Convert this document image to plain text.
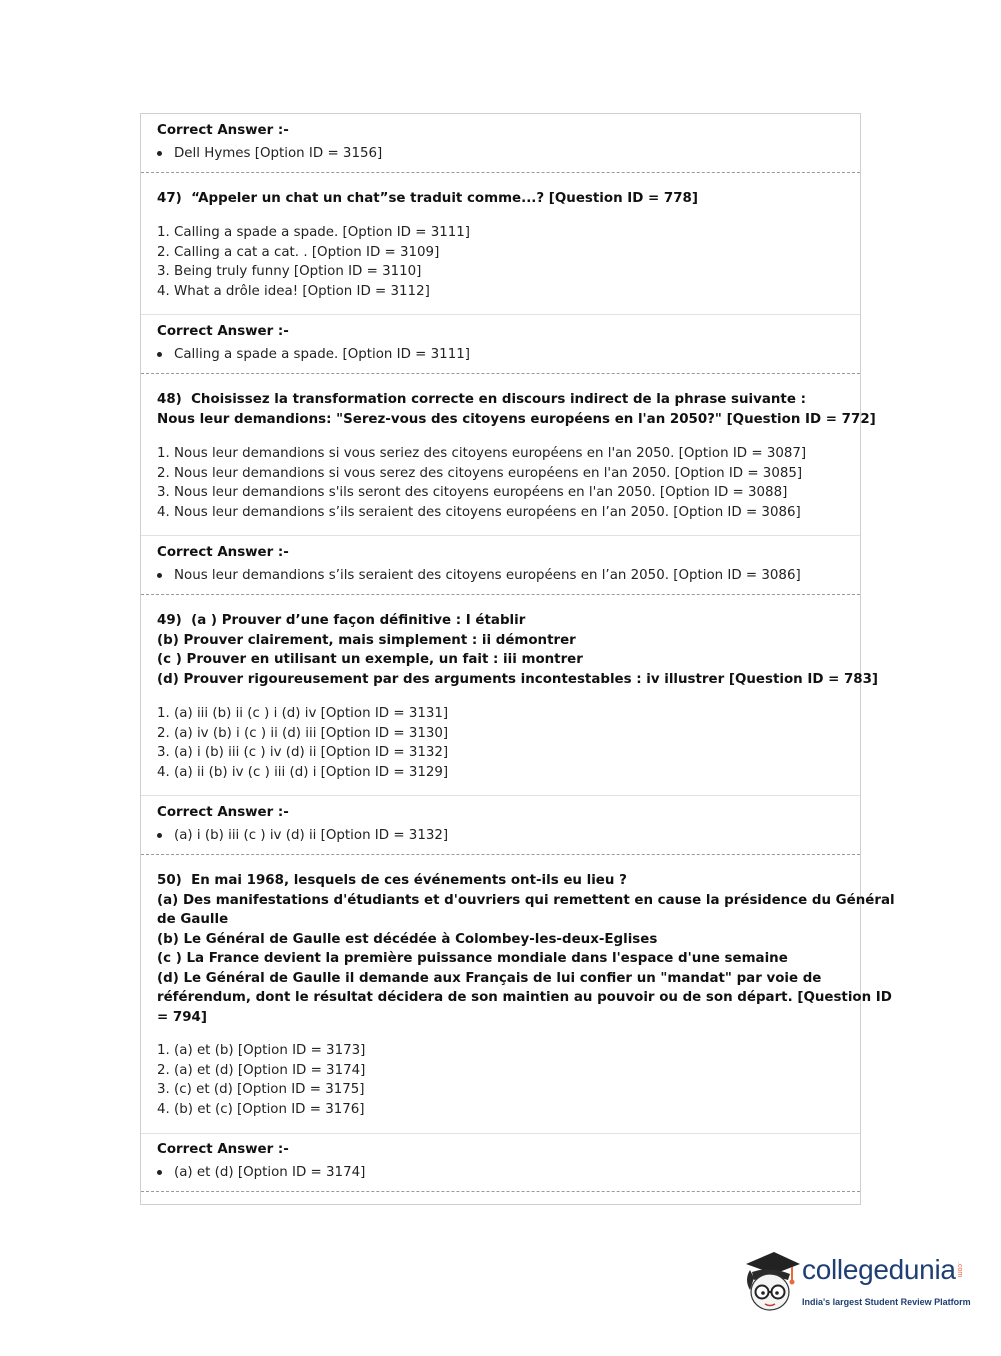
Correct Answer :-
Dell Hymes [Option ID = 3156]
47) “Appeler un chat un chat”se traduit comme...? [Question ID = 778]
1. Calling a spade a spade. [Option ID = 3111]
2. Calling a cat a cat. . [Option ID = 3109]
3. Being truly funny [Option ID = 3110]
4. What a drôle idea! [Option ID = 3112]
Correct Answer :-
Calling a spade a spade. [Option ID = 3111]
48) Choisissez la transformation correcte en discours indirect de la phrase suivante :
Nous leur demandions: "Serez-vous des citoyens européens en l'an 2050?" [Question ID = 772]
1. Nous leur demandions si vous seriez des citoyens européens en l'an 2050. [Option ID = 3087]
2. Nous leur demandions si vous serez des citoyens européens en l'an 2050. [Option ID = 3085]
3. Nous leur demandions s'ils seront des citoyens européens en l'an 2050. [Option ID = 3088]
4. Nous leur demandions s’ils seraient des citoyens européens en l’an 2050. [Option ID = 3086]
Correct Answer :-
Nous leur demandions s’ils seraient des citoyens européens en l’an 2050. [Option ID = 3086]
49) (a ) Prouver d’une façon définitive : I établir
(b) Prouver clairement, mais simplement : ii démontrer
(c ) Prouver en utilisant un exemple, un fait : iii montrer
(d) Prouver rigoureusement par des arguments incontestables : iv illustrer [Question ID = 783]
1. (a) iii (b) ii (c ) i (d) iv [Option ID = 3131]
2. (a) iv (b) i (c ) ii (d) iii [Option ID = 3130]
3. (a) i (b) iii (c ) iv (d) ii [Option ID = 3132]
4. (a) ii (b) iv (c ) iii (d) i [Option ID = 3129]
Correct Answer :-
(a) i (b) iii (c ) iv (d) ii [Option ID = 3132]
50) En mai 1968, lesquels de ces événements ont-ils eu lieu ?
(a) Des manifestations d'étudiants et d'ouvriers qui remettent en cause la présidence du Général
de Gaulle
(b) Le Général de Gaulle est décédée à Colombey-les-deux-Eglises
(c ) La France devient la première puissance mondiale dans l'espace d'une semaine
(d) Le Général de Gaulle il demande aux Français de lui confier un "mandat" par voie de
référendum, dont le résultat décidera de son maintien au pouvoir ou de son départ. [Question ID
= 794]
1. (a) et (b) [Option ID = 3173]
2. (a) et (d) [Option ID = 3174]
3. (c) et (d) [Option ID = 3175]
4. (b) et (c) [Option ID = 3176]
Correct Answer :-
(a) et (d) [Option ID = 3174]
collegedunia .com
India's largest Student Review Platform
